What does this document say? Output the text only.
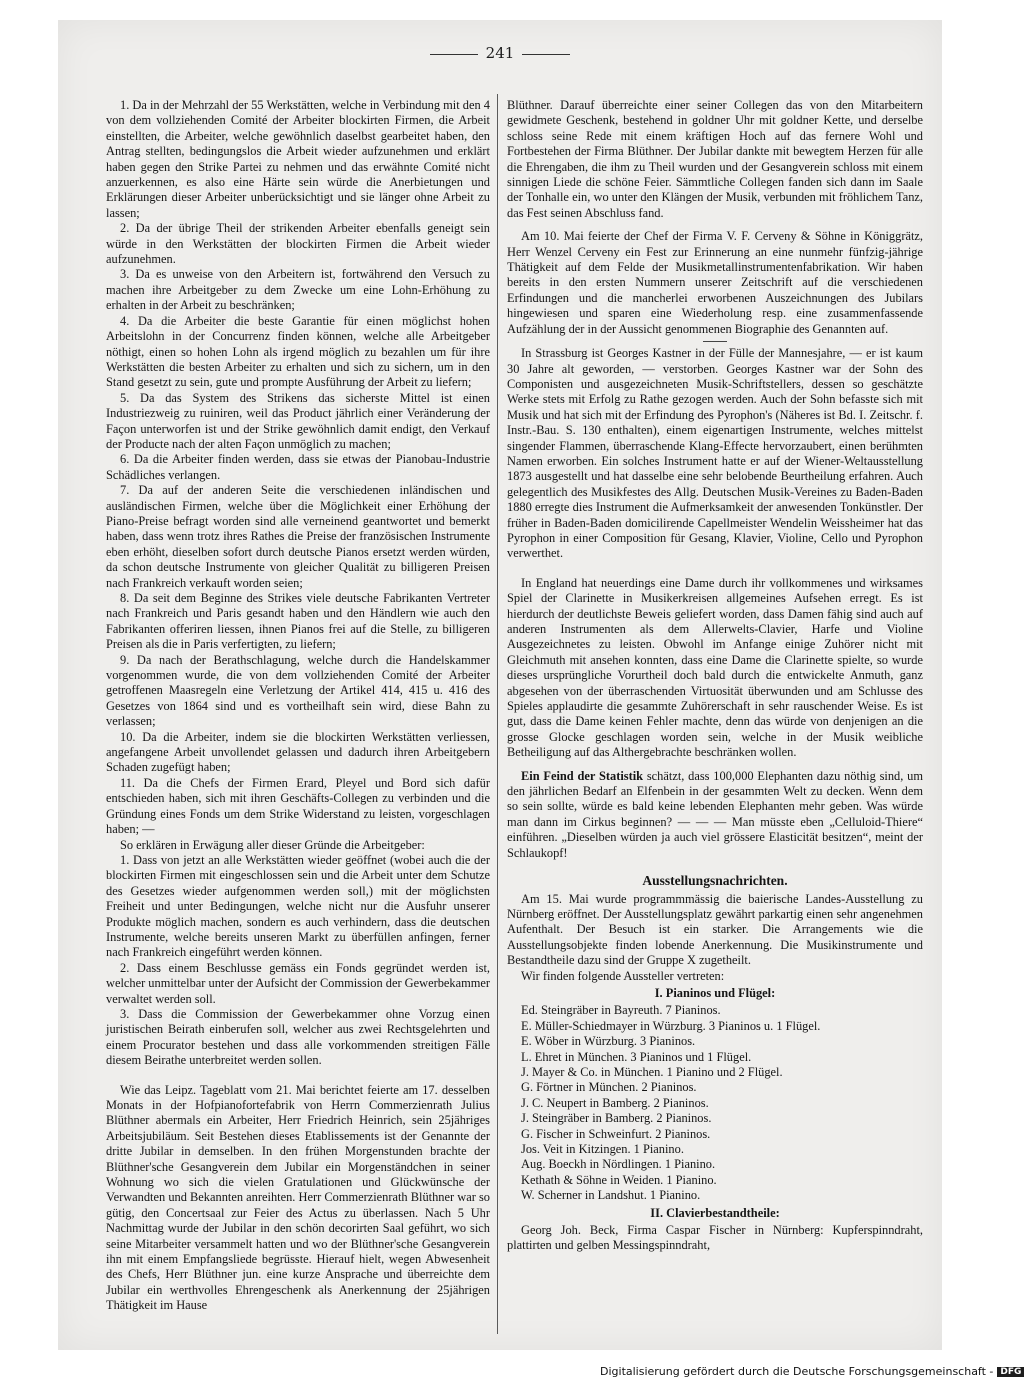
241

1. Da in der Mehrzahl der 55 Werkstätten, welche in Verbindung mit den 4 von dem vollziehenden Comité der Arbeiter blockirten Firmen, die Arbeit einstellten, die Arbeiter, welche gewöhnlich daselbst gearbeitet haben, den Antrag stellten, bedingungslos die Arbeit wieder aufzunehmen und erklärt haben gegen den Strike Partei zu nehmen und das erwähnte Comité nicht anzuerkennen, es also eine Härte sein würde die Anerbietungen und Erklärungen dieser Arbeiter unberücksichtigt und sie länger ohne Arbeit zu lassen;

2. Da der übrige Theil der strikenden Arbeiter ebenfalls geneigt sein würde in den Werkstätten der blockirten Firmen die Arbeit wieder aufzunehmen.

3. Da es unweise von den Arbeitern ist, fortwährend den Versuch zu machen ihre Arbeitgeber zu dem Zwecke um eine Lohn-Erhöhung zu erhalten in der Arbeit zu beschränken;

4. Da die Arbeiter die beste Garantie für einen möglichst hohen Arbeitslohn in der Concurrenz finden können, welche alle Arbeitgeber nöthigt, einen so hohen Lohn als irgend möglich zu bezahlen um für ihre Werkstätten die besten Arbeiter zu erhalten und sich zu sichern, um in den Stand gesetzt zu sein, gute und prompte Ausführung der Arbeit zu liefern;

5. Da das System des Strikens das sicherste Mittel ist einen Industriezweig zu ruiniren, weil das Product jährlich einer Veränderung der Façon unterworfen ist und der Strike gewöhnlich damit endigt, den Verkauf der Producte nach der alten Façon unmöglich zu machen;

6. Da die Arbeiter finden werden, dass sie etwas der Pianobau-Industrie Schädliches verlangen.

7. Da auf der anderen Seite die verschiedenen inländischen und ausländischen Firmen, welche über die Möglichkeit einer Erhöhung der Piano-Preise befragt worden sind alle verneinend geantwortet und bemerkt haben, dass wenn trotz ihres Rathes die Preise der französischen Instrumente eben erhöht, dieselben sofort durch deutsche Pianos ersetzt werden würden, da schon deutsche Instrumente von gleicher Qualität zu billigeren Preisen nach Frankreich verkauft worden seien;

8. Da seit dem Beginne des Strikes viele deutsche Fabrikanten Vertreter nach Frankreich und Paris gesandt haben und den Händlern wie auch den Fabrikanten offeriren liessen, ihnen Pianos frei auf die Stelle, zu billigeren Preisen als die in Paris verfertigten, zu liefern;

9. Da nach der Berathschlagung, welche durch die Handelskammer vorgenommen wurde, die von dem vollziehenden Comité der Arbeiter getroffenen Maasregeln eine Verletzung der Artikel 414, 415 u. 416 des Gesetzes von 1864 sind und es vortheilhaft sein wird, diese Bahn zu verlassen;

10. Da die Arbeiter, indem sie die blockirten Werkstätten verliessen, angefangene Arbeit unvollendet gelassen und dadurch ihren Arbeitgebern Schaden zugefügt haben;

11. Da die Chefs der Firmen Erard, Pleyel und Bord sich dafür entschieden haben, sich mit ihren Geschäfts-Collegen zu verbinden und die Gründung eines Fonds um dem Strike Widerstand zu leisten, vorgeschlagen haben; —

So erklären in Erwägung aller dieser Gründe die Arbeitgeber:

1. Dass von jetzt an alle Werkstätten wieder geöffnet (wobei auch die der blockirten Firmen mit eingeschlossen sein und die Arbeit unter dem Schutze des Gesetzes wieder aufgenommen werden soll,) mit der möglichsten Freiheit und unter Bedingungen, welche nicht nur die Ausfuhr unserer Produkte möglich machen, sondern es auch verhindern, dass die deutschen Instrumente, welche bereits unseren Markt zu überfüllen anfingen, ferner nach Frankreich eingeführt werden können.

2. Dass einem Beschlusse gemäss ein Fonds gegründet werden ist, welcher unmittelbar unter der Aufsicht der Commission der Gewerbekammer verwaltet werden soll.

3. Dass die Commission der Gewerbekammer ohne Vorzug einen juristischen Beirath einberufen soll, welcher aus zwei Rechtsgelehrten und einem Procurator bestehen und dass alle vorkommenden streitigen Fälle diesem Beirathe unterbreitet werden sollen.

Wie das Leipz. Tageblatt vom 21. Mai berichtet feierte am 17. desselben Monats in der Hofpianofortefabrik von Herrn Commerzienrath Julius Blüthner abermals ein Arbeiter, Herr Friedrich Heinrich, sein 25jähriges Arbeitsjubiläum. Seit Bestehen dieses Etablissements ist der Genannte der dritte Jubilar in demselben. In den frühen Morgenstunden brachte der Blüthner'sche Gesangverein dem Jubilar ein Morgenständchen in seiner Wohnung wo sich die vielen Gratulationen und Glückwünsche der Verwandten und Bekannten anreihten. Herr Commerzienrath Blüthner war so gütig, den Concertsaal zur Feier des Actus zu überlassen. Nach 5 Uhr Nachmittag wurde der Jubilar in den schön decorirten Saal geführt, wo sich seine Mitarbeiter versammelt hatten und wo der Blüthner'sche Gesangverein ihn mit einem Empfangsliede begrüsste. Hierauf hielt, wegen Abwesenheit des Chefs, Herr Blüthner jun. eine kurze Ansprache und überreichte dem Jubilar ein werthvolles Ehrengeschenk als Anerkennung der 25jährigen Thätigkeit im Hause

Blüthner. Darauf überreichte einer seiner Collegen das von den Mitarbeitern gewidmete Geschenk, bestehend in goldner Uhr mit goldner Kette, und derselbe schloss seine Rede mit einem kräftigen Hoch auf das fernere Wohl und Fortbestehen der Firma Blüthner. Der Jubilar dankte mit bewegtem Herzen für alle die Ehrengaben, die ihm zu Theil wurden und der Gesangverein schloss mit einem sinnigen Liede die schöne Feier. Sämmtliche Collegen fanden sich dann im Saale der Tonhalle ein, wo unter den Klängen der Musik, verbunden mit fröhlichem Tanz, das Fest seinen Abschluss fand.

Am 10. Mai feierte der Chef der Firma V. F. Cerveny & Söhne in Königgrätz, Herr Wenzel Cerveny ein Fest zur Erinnerung an eine nunmehr fünfzig-jährige Thätigkeit auf dem Felde der Musikmetallinstrumentenfabrikation. Wir haben bereits in den ersten Nummern unserer Zeitschrift auf die verschiedenen Erfindungen und die mancherlei erworbenen Auszeichnungen des Jubilars hingewiesen und sparen eine Wiederholung resp. eine zusammenfassende Aufzählung der in der Aussicht genommenen Biographie des Genannten auf.

In Strassburg ist Georges Kastner in der Fülle der Mannesjahre, — er ist kaum 30 Jahre alt geworden, — verstorben. Georges Kastner war der Sohn des Componisten und ausgezeichneten Musik-Schriftstellers, dessen so geschätzte Werke stets mit Erfolg zu Rathe gezogen werden. Auch der Sohn befasste sich mit Musik und hat sich mit der Erfindung des Pyrophon's (Näheres ist Bd. I. Zeitschr. f. Instr.-Bau. S. 130 enthalten), einem eigenartigen Instrumente, welches mittelst singender Flammen, überraschende Klang-Effecte hervorzaubert, einen berühmten Namen erworben. Ein solches Instrument hatte er auf der Wiener-Weltausstellung 1873 ausgestellt und hat dasselbe eine sehr belobende Beurtheilung erfahren. Auch gelegentlich des Musikfestes des Allg. Deutschen Musik-Vereines zu Baden-Baden 1880 erregte dies Instrument die Aufmerksamkeit der anwesenden Tonkünstler. Der früher in Baden-Baden domicilirende Capellmeister Wendelin Weissheimer hat das Pyrophon in einer Composition für Gesang, Klavier, Violine, Cello und Pyrophon verwerthet.

In England hat neuerdings eine Dame durch ihr vollkommenes und wirksames Spiel der Clarinette in Musikerkreisen allgemeines Aufsehen erregt. Es ist hierdurch der deutlichste Beweis geliefert worden, dass Damen fähig sind auch auf anderen Instrumenten als dem Allerwelts-Clavier, Harfe und Violine Ausgezeichnetes zu leisten. Obwohl im Anfange einige Zuhörer nicht mit Gleichmuth mit ansehen konnten, dass eine Dame die Clarinette spielte, so wurde dieses ursprüngliche Vorurtheil doch bald durch die entwickelte Anmuth, ganz abgesehen von der überraschenden Virtuosität überwunden und am Schlusse des Spieles applaudirte die gesammte Zuhörerschaft in sehr rauschender Weise. Es ist gut, dass die Dame keinen Fehler machte, denn das würde von denjenigen an die grosse Glocke geschlagen worden sein, welche in der Musik weibliche Betheiligung auf das Althergebrachte beschränken wollen.

Ein Feind der Statistik schätzt, dass 100,000 Elephanten dazu nöthig sind, um den jährlichen Bedarf an Elfenbein in der gesammten Welt zu decken. Wenn dem so sein sollte, würde es bald keine lebenden Elephanten mehr geben. Was würde man dann im Cirkus beginnen? — — — Man müsste eben „Celluloid-Thiere“ einführen. „Dieselben würden ja auch viel grössere Elasticität besitzen“, meint der Schlaukopf!

Ausstellungsnachrichten.

Am 15. Mai wurde programmmässig die baierische Landes-Ausstellung zu Nürnberg eröffnet. Der Ausstellungsplatz gewährt parkartig einen sehr angenehmen Aufenthalt. Der Besuch ist ein starker. Die Arrangements wie die Ausstellungsobjekte finden lobende Anerkennung. Die Musikinstrumente und Bestandtheile dazu sind der Gruppe X zugetheilt.

Wir finden folgende Aussteller vertreten:

I. Pianinos und Flügel:

Ed. Steingräber in Bayreuth. 7 Pianinos.

E. Müller-Schiedmayer in Würzburg. 3 Pianinos u. 1 Flügel.

E. Wöber in Würzburg. 3 Pianinos.

L. Ehret in München. 3 Pianinos und 1 Flügel.

J. Mayer & Co. in München. 1 Pianino und 2 Flügel.

G. Förtner in München. 2 Pianinos.

J. C. Neupert in Bamberg. 2 Pianinos.

J. Steingräber in Bamberg. 2 Pianinos.

G. Fischer in Schweinfurt. 2 Pianinos.

Jos. Veit in Kitzingen. 1 Pianino.

Aug. Boeckh in Nördlingen. 1 Pianino.

Kethath & Söhne in Weiden. 1 Pianino.

W. Scherner in Landshut. 1 Pianino.

II. Clavierbestandtheile:

Georg Joh. Beck, Firma Caspar Fischer in Nürnberg: Kupferspinndraht, plattirten und gelben Messingspinndraht,

Digitalisierung gefördert durch die Deutsche Forschungsgemeinschaft - DFG
